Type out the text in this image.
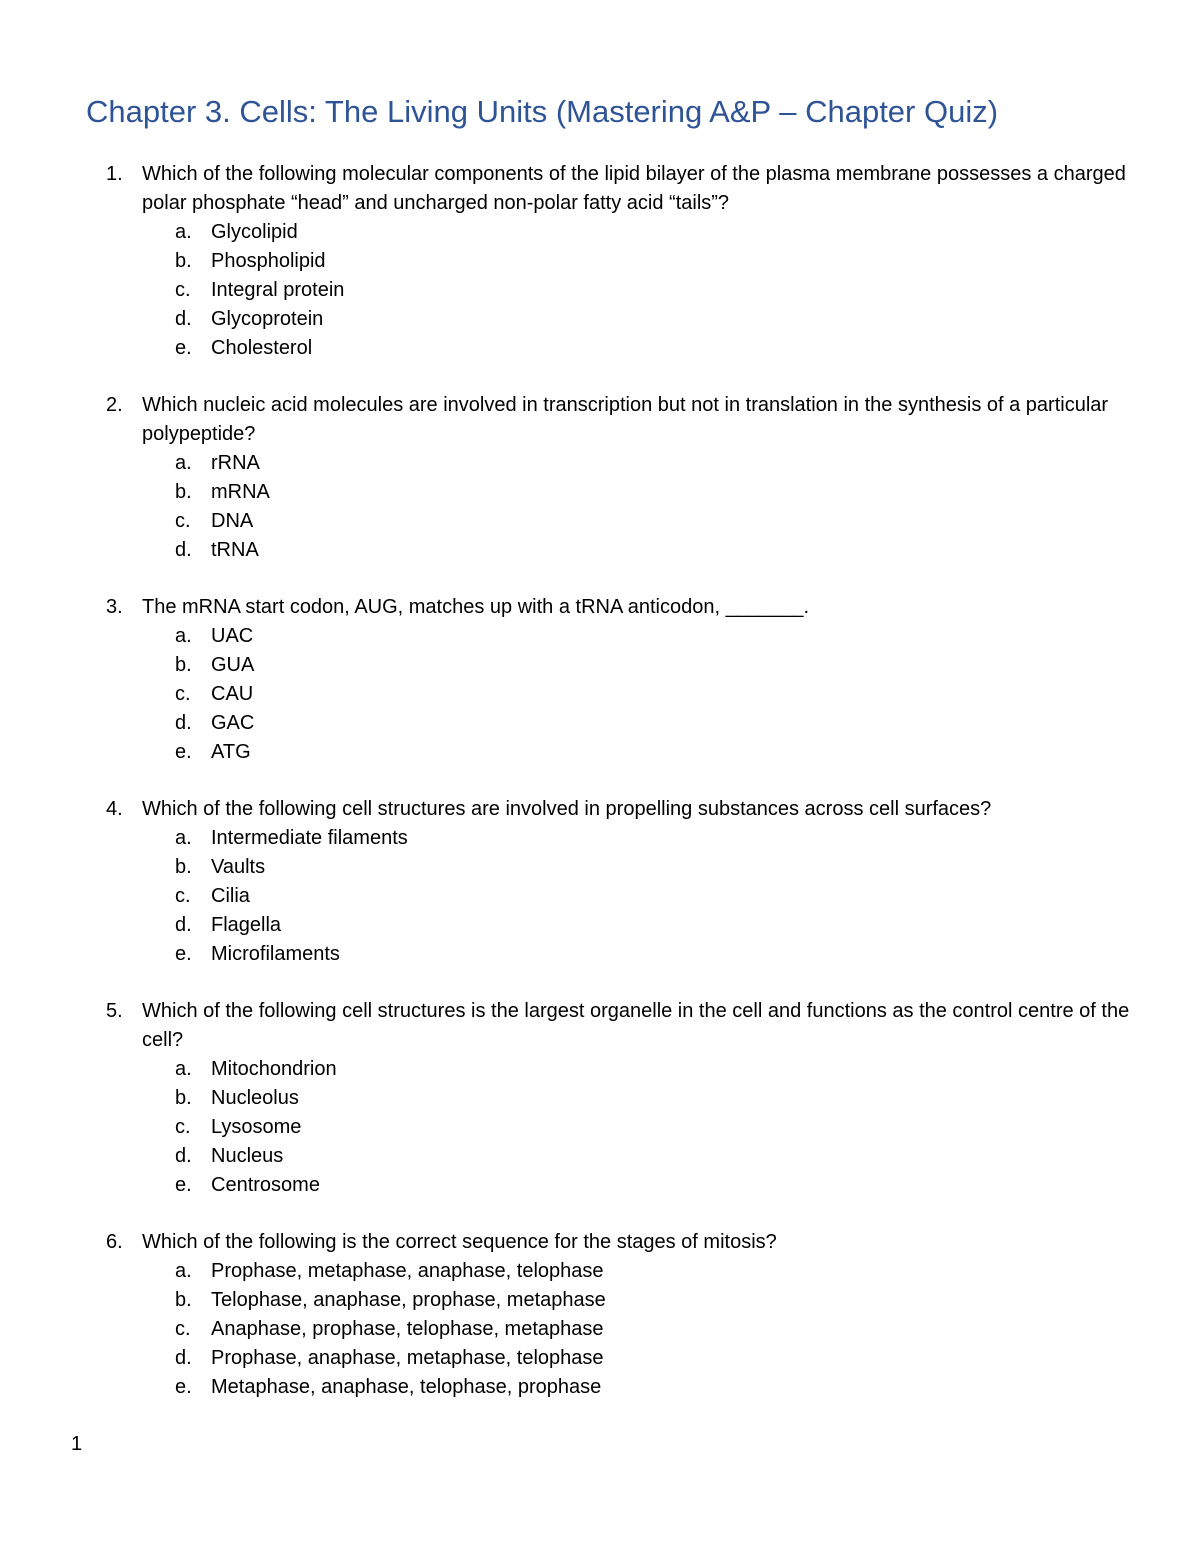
Chapter 3. Cells: The Living Units (Mastering A&P – Chapter Quiz)
1. Which of the following molecular components of the lipid bilayer of the plasma membrane possesses a charged polar phosphate “head” and uncharged non-polar fatty acid “tails”?
a. Glycolipid
b. Phospholipid
c.	Integral protein
d. Glycoprotein
e. Cholesterol
2. Which nucleic acid molecules are involved in transcription but not in translation in the synthesis of a particular polypeptide?
a. rRNA
b. mRNA
c.	DNA
d. tRNA
3. The mRNA start codon, AUG, matches up with a tRNA anticodon, _______.
a. UAC
b. GUA
c.	CAU
d. GAC
e. ATG
4. Which of the following cell structures are involved in propelling substances across cell surfaces?
a. Intermediate filaments
b. Vaults
c.	Cilia
d. Flagella
e. Microfilaments
5. Which of the following cell structures is the largest organelle in the cell and functions as the control centre of the cell?
a. Mitochondrion
b. Nucleolus
c.	Lysosome
d. Nucleus
e. Centrosome
6. Which of the following is the correct sequence for the stages of mitosis?
a. Prophase, metaphase, anaphase, telophase
b. Telophase, anaphase, prophase, metaphase
c.	Anaphase, prophase, telophase, metaphase
d. Prophase, anaphase, metaphase, telophase
e. Metaphase, anaphase, telophase, prophase
1
